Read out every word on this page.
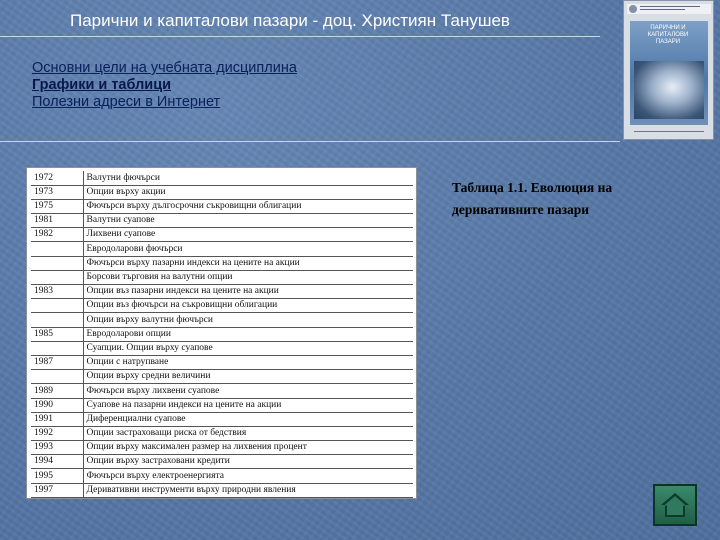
Парични и капиталови пазари - доц. Християн Танушев
Основни цели на учебната дисциплина
Графики и таблици
Полезни адреси в Интернет
ПАРИЧНИ И КАПИТАЛОВИ ПАЗАРИ
1972	Валутни фючърси
1973	Опции върху акции
1975	Фючърси върху дългосрочни съкровищни облигации
1981	Валутни суапове
1982	Лихвени суапове
	Евродоларови фючърси
	Фючърси върху пазарни индекси на цените на акции
	Борсови търговия на валутни опции
1983	Опции въз пазарни индекси на цените на акции
	Опции въз фючърси на съкровищни облигации
	Опции върху валутни фючърси
1985	Евродоларови опции
	Суапции. Опции върху суапове
1987	Опции с натрупване
	Опции върху средни величини
1989	Фючърси върху лихвени суапове
1990	Суапове на пазарни индекси на цените на акции
1991	Диференциални суапове
1992	Опции застраховащи риска от бедствия
1993	Опции върху максимален размер на лихвения процент
1994	Опции върху застраховани кредити
1995	Фючърси върху електроенергията
1997	Деривативни инструменти върху природни явления
Таблица 1.1. Еволюция на деривативните пазари
